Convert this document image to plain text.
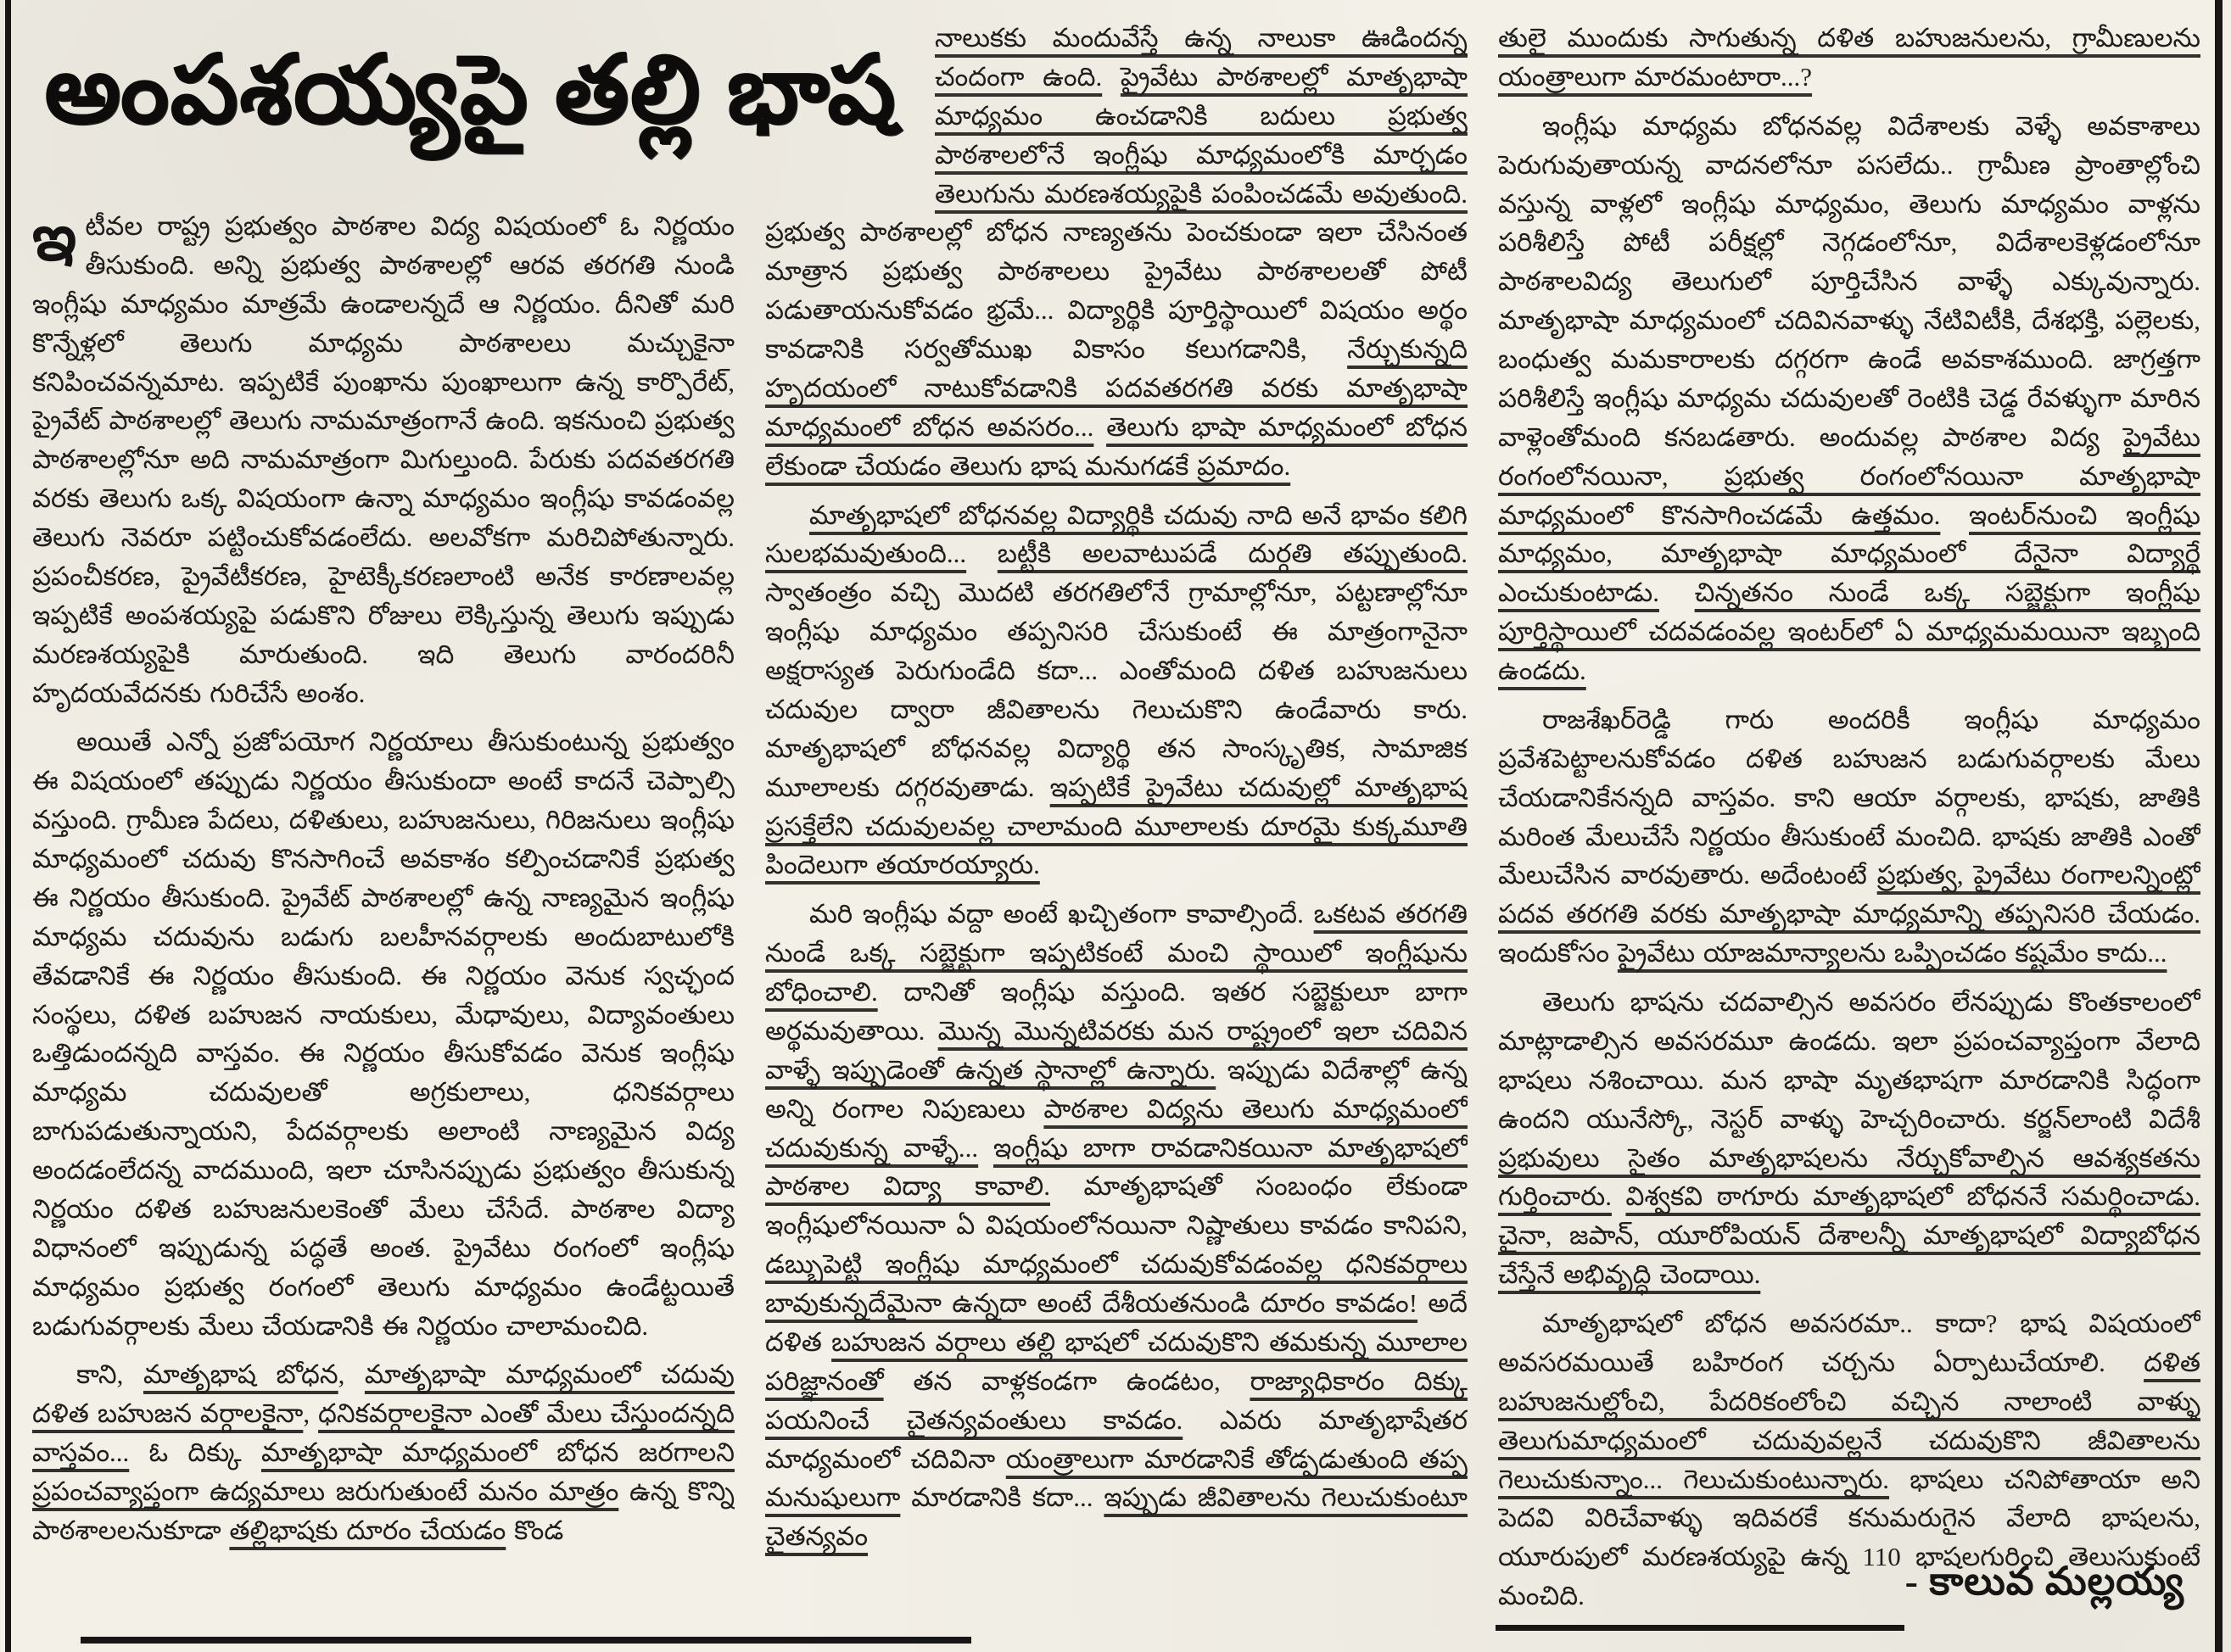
అంపశయ్యపై తల్లి భాష

ఇటీవల రాష్ట్ర ప్రభుత్వం పాఠశాల విద్య విషయంలో ఓ నిర్ణయం తీసుకుంది. అన్ని ప్రభుత్వ పాఠశాలల్లో ఆరవ తరగతి నుండి ఇంగ్లీషు మాధ్యమం మాత్రమే ఉండాలన్నదే ఆ నిర్ణయం. దీనితో మరి కొన్నేళ్లలో తెలుగు మాధ్యమ పాఠశాలలు మచ్చుకైనా కనిపించవన్నమాట. ఇప్పటికే పుంఖాను పుంఖాలుగా ఉన్న కార్పొరేట్, ప్రైవేట్ పాఠశాలల్లో తెలుగు నామమాత్రంగానే ఉంది. ఇకనుంచి ప్రభుత్వ పాఠశాలల్లోనూ అది నామమాత్రంగా మిగుల్తుంది. పేరుకు పదవతరగతి వరకు తెలుగు ఒక్క విషయంగా ఉన్నా మాధ్యమం ఇంగ్లీషు కావడంవల్ల తెలుగు నెవరూ పట్టించుకోవడంలేదు. అలవోకగా మరిచిపోతున్నారు. ప్రపంచీకరణ, ప్రైవేటీకరణ, హైటెక్కీకరణలాంటి అనేక కారణాలవల్ల ఇప్పటికే అంపశయ్యపై పడుకొని రోజులు లెక్కిస్తున్న తెలుగు ఇప్పుడు మరణశయ్యపైకి మారుతుంది. ఇది తెలుగు వారందరినీ హృదయవేదనకు గురిచేసే అంశం.

అయితే ఎన్నో ప్రజోపయోగ నిర్ణయాలు తీసుకుంటున్న ప్రభుత్వం ఈ విషయంలో తప్పుడు నిర్ణయం తీసుకుందా అంటే కాదనే చెప్పాల్సి వస్తుంది. గ్రామీణ పేదలు, దళితులు, బహుజనులు, గిరిజనులు ఇంగ్లీషు మాధ్యమంలో చదువు కొనసాగించే అవకాశం కల్పించడానికే ప్రభుత్వ ఈ నిర్ణయం తీసుకుంది. ప్రైవేట్ పాఠశాలల్లో ఉన్న నాణ్యమైన ఇంగ్లీషు మాధ్యమ చదువును బడుగు బలహీనవర్గాలకు అందుబాటులోకి తేవడానికే ఈ నిర్ణయం తీసుకుంది. ఈ నిర్ణయం వెనుక స్వచ్ఛంద సంస్థలు, దళిత బహుజన నాయకులు, మేధావులు, విద్యావంతులు ఒత్తిడుందన్నది వాస్తవం. ఈ నిర్ణయం తీసుకోవడం వెనుక ఇంగ్లీషు మాధ్యమ చదువులతో అగ్రకులాలు, ధనికవర్గాలు బాగుపడుతున్నాయని, పేదవర్గాలకు అలాంటి నాణ్యమైన విద్య అందడంలేదన్న వాదముంది, ఇలా చూసినప్పుడు ప్రభుత్వం తీసుకున్న నిర్ణయం దళిత బహుజనులకెంతో మేలు చేసేదే. పాఠశాల విద్యా విధానంలో ఇప్పుడున్న పద్ధతే అంత. ప్రైవేటు రంగంలో ఇంగ్లీషు మాధ్యమం ప్రభుత్వ రంగంలో తెలుగు మాధ్యమం ఉండేట్టయితే బడుగువర్గాలకు మేలు చేయడానికి ఈ నిర్ణయం చాలామంచిది.

కాని, మాతృభాష బోధన, మాతృభాషా మాధ్యమంలో చదువు దళిత బహుజన వర్గాలకైనా, ధనికవర్గాలకైనా ఎంతో మేలు చేస్తుందన్నది వాస్తవం... ఓ దిక్కు మాతృభాషా మాధ్యమంలో బోధన జరగాలని ప్రపంచవ్యాప్తంగా ఉద్యమాలు జరుగుతుంటే మనం మాత్రం ఉన్న కొన్ని పాఠశాలలనుకూడా తల్లిభాషకు దూరం చేయడం కొండ

నాలుకకు మందువేస్తే ఉన్న నాలుకా ఊడిందన్న చందంగా ఉంది. ప్రైవేటు పాఠశాలల్లో మాతృభాషా మాధ్యమం ఉంచడానికి బదులు ప్రభుత్వ పాఠశాలలోనే ఇంగ్లీషు మాధ్యమంలోకి మార్చడం తెలుగును మరణశయ్యపైకి పంపించడమే అవుతుంది. ప్రభుత్వ పాఠశాలల్లో బోధన నాణ్యతను పెంచకుండా ఇలా చేసినంత మాత్రాన ప్రభుత్వ పాఠశాలలు ప్రైవేటు పాఠశాలలతో పోటీ పడుతాయనుకోవడం భ్రమే... విద్యార్థికి పూర్తిస్థాయిలో విషయం అర్థం కావడానికి సర్వతోముఖ వికాసం కలుగడానికి, నేర్చుకున్నది హృదయంలో నాటుకోవడానికి పదవతరగతి వరకు మాతృభాషా మాధ్యమంలో బోధన అవసరం... తెలుగు భాషా మాధ్యమంలో బోధన లేకుండా చేయడం తెలుగు భాష మనుగడకే ప్రమాదం.

మాతృభాషలో బోధనవల్ల విద్యార్థికి చదువు నాది అనే భావం కలిగి సులభమవుతుంది... బట్టీకి అలవాటుపడే దుర్గతి తప్పుతుంది. స్వాతంత్రం వచ్చి మొదటి తరగతిలోనే గ్రామాల్లోనూ, పట్టణాల్లోనూ ఇంగ్లీషు మాధ్యమం తప్పనిసరి చేసుకుంటే ఈ మాత్రంగానైనా అక్షరాస్యత పెరుగుండేది కదా... ఎంతోమంది దళిత బహుజనులు చదువుల ద్వారా జీవితాలను గెలుచుకొని ఉండేవారు కారు. మాతృభాషలో బోధనవల్ల విద్యార్థి తన సాంస్కృతిక, సామాజిక మూలాలకు దగ్గరవుతాడు. ఇప్పటికే ప్రైవేటు చదువుల్లో మాతృభాష ప్రసక్తేలేని చదువులవల్ల చాలామంది మూలాలకు దూరమై కుక్కమూతి పిందెలుగా తయారయ్యారు.

మరి ఇంగ్లీషు వద్దా అంటే ఖచ్చితంగా కావాల్సిందే. ఒకటవ తరగతి నుండే ఒక్క సబ్జెక్టుగా ఇప్పటికంటే మంచి స్థాయిలో ఇంగ్లీషును బోధించాలి. దానితో ఇంగ్లీషు వస్తుంది. ఇతర సబ్జెక్టులూ బాగా అర్థమవుతాయి. మొన్న మొన్నటివరకు మన రాష్ట్రంలో ఇలా చదివిన వాళ్ళే ఇప్పుడెంతో ఉన్నత స్థానాల్లో ఉన్నారు. ఇప్పుడు విదేశాల్లో ఉన్న అన్ని రంగాల నిపుణులు పాఠశాల విద్యను తెలుగు మాధ్యమంలో చదువుకున్న వాళ్ళే... ఇంగ్లీషు బాగా రావడానికయినా మాతృభాషలో పాఠశాల విద్యా కావాలి. మాతృభాషతో సంబంధం లేకుండా ఇంగ్లీషులోనయినా ఏ విషయంలోనయినా నిష్ణాతులు కావడం కానిపని, డబ్బుపెట్టి ఇంగ్లీషు మాధ్యమంలో చదువుకోవడంవల్ల ధనికవర్గాలు బావుకున్నదేమైనా ఉన్నదా అంటే దేశీయతనుండి దూరం కావడం! అదే దళిత బహుజన వర్గాలు తల్లి భాషలో చదువుకొని తమకున్న మూలాల పరిజ్ఞానంతో తన వాళ్లకండగా ఉండటం, రాజ్యాధికారం దిక్కు పయనించే చైతన్యవంతులు కావడం. ఎవరు మాతృభాషేతర మాధ్యమంలో చదివినా యంత్రాలుగా మారడానికే తోడ్పడుతుంది తప్ప మనుషులుగా మారడానికి కదా... ఇప్పుడు జీవితాలను గెలుచుకుంటూ చైతన్యవం

తులై ముందుకు సాగుతున్న దళిత బహుజనులను, గ్రామీణులను యంత్రాలుగా మారమంటారా...?

ఇంగ్లీషు మాధ్యమ బోధనవల్ల విదేశాలకు వెళ్ళే అవకాశాలు పెరుగువుతాయన్న వాదనలోనూ పసలేదు.. గ్రామీణ ప్రాంతాల్లోంచి వస్తున్న వాళ్లలో ఇంగ్లీషు మాధ్యమం, తెలుగు మాధ్యమం వాళ్లను పరిశీలిస్తే పోటీ పరీక్షల్లో నెగ్గడంలోనూ, విదేశాలకెళ్లడంలోనూ పాఠశాలవిద్య తెలుగులో పూర్తిచేసిన వాళ్ళే ఎక్కువున్నారు. మాతృభాషా మాధ్యమంలో చదివినవాళ్ళు నేటివిటీకి, దేశభక్తి, పల్లెలకు, బంధుత్వ మమకారాలకు దగ్గరగా ఉండే అవకాశముంది. జాగ్రత్తగా పరిశీలిస్తే ఇంగ్లీషు మాధ్యమ చదువులతో రెంటికి చెడ్డ రేవళ్ళుగా మారిన వాళ్లెంతోమంది కనబడతారు. అందువల్ల పాఠశాల విద్య ప్రైవేటు రంగంలోనయినా, ప్రభుత్వ రంగంలోనయినా మాతృభాషా మాధ్యమంలో కొనసాగించడమే ఉత్తమం. ఇంటర్‌నుంచి ఇంగ్లీషు మాధ్యమం, మాతృభాషా మాధ్యమంలో దేనైనా విద్యార్థే ఎంచుకుంటాడు. చిన్నతనం నుండే ఒక్క సబ్జెక్టుగా ఇంగ్లీషు పూర్తిస్థాయిలో చదవడంవల్ల ఇంటర్‌లో ఏ మాధ్యమమయినా ఇబ్బంది ఉండదు.

రాజశేఖర్‌రెడ్డి గారు అందరికీ ఇంగ్లీషు మాధ్యమం ప్రవేశపెట్టాలనుకోవడం దళిత బహుజన బడుగువర్గాలకు మేలు చేయడానికేనన్నది వాస్తవం. కాని ఆయా వర్గాలకు, భాషకు, జాతికి మరింత మేలుచేసే నిర్ణయం తీసుకుంటే మంచిది. భాషకు జాతికి ఎంతో మేలుచేసిన వారవుతారు. అదేంటంటే ప్రభుత్వ, ప్రైవేటు రంగాలన్నింట్లో పదవ తరగతి వరకు మాతృభాషా మాధ్యమాన్ని తప్పనిసరి చేయడం. ఇందుకోసం ప్రైవేటు యాజమాన్యాలను ఒప్పించడం కష్టమేం కాదు...

తెలుగు భాషను చదవాల్సిన అవసరం లేనప్పుడు కొంతకాలంలో మాట్లాడాల్సిన అవసరమూ ఉండదు. ఇలా ప్రపంచవ్యాప్తంగా వేలాది భాషలు నశించాయి. మన భాషా మృతభాషగా మారడానికి సిద్ధంగా ఉందని యునేస్కో, నెస్టర్ వాళ్ళు హెచ్చరించారు. కర్జన్‌లాంటి విదేశీ ప్రభువులు సైతం మాతృభాషలను నేర్చుకోవాల్సిన ఆవశ్యకతను గుర్తించారు. విశ్వకవి ఠాగూరు మాతృభాషలో బోధననే సమర్థించాడు. చైనా, జపాన్, యూరోపియన్ దేశాలన్నీ మాతృభాషలో విద్యాబోధన చేస్తేనే అభివృద్ధి చెందాయి.

మాతృభాషలో బోధన అవసరమా.. కాదా? భాష విషయంలో అవసరమయితే బహిరంగ చర్చను ఏర్పాటుచేయాలి. దళిత బహుజనుల్లోంచి, పేదరికంలోంచి వచ్చిన నాలాంటి వాళ్ళు తెలుగుమాధ్యమంలో చదువువల్లనే చదువుకొని జీవితాలను గెలుచుకున్నాం... గెలుచుకుంటున్నారు. భాషలు చనిపోతాయా అని పెదవి విరిచేవాళ్ళు ఇదివరకే కనుమరుగైన వేలాది భాషలను, యూరుపులో మరణశయ్యపై ఉన్న 110 భాషలగురించి తెలుసుకుంటే మంచిది.	- కాలువ మల్లయ్య
